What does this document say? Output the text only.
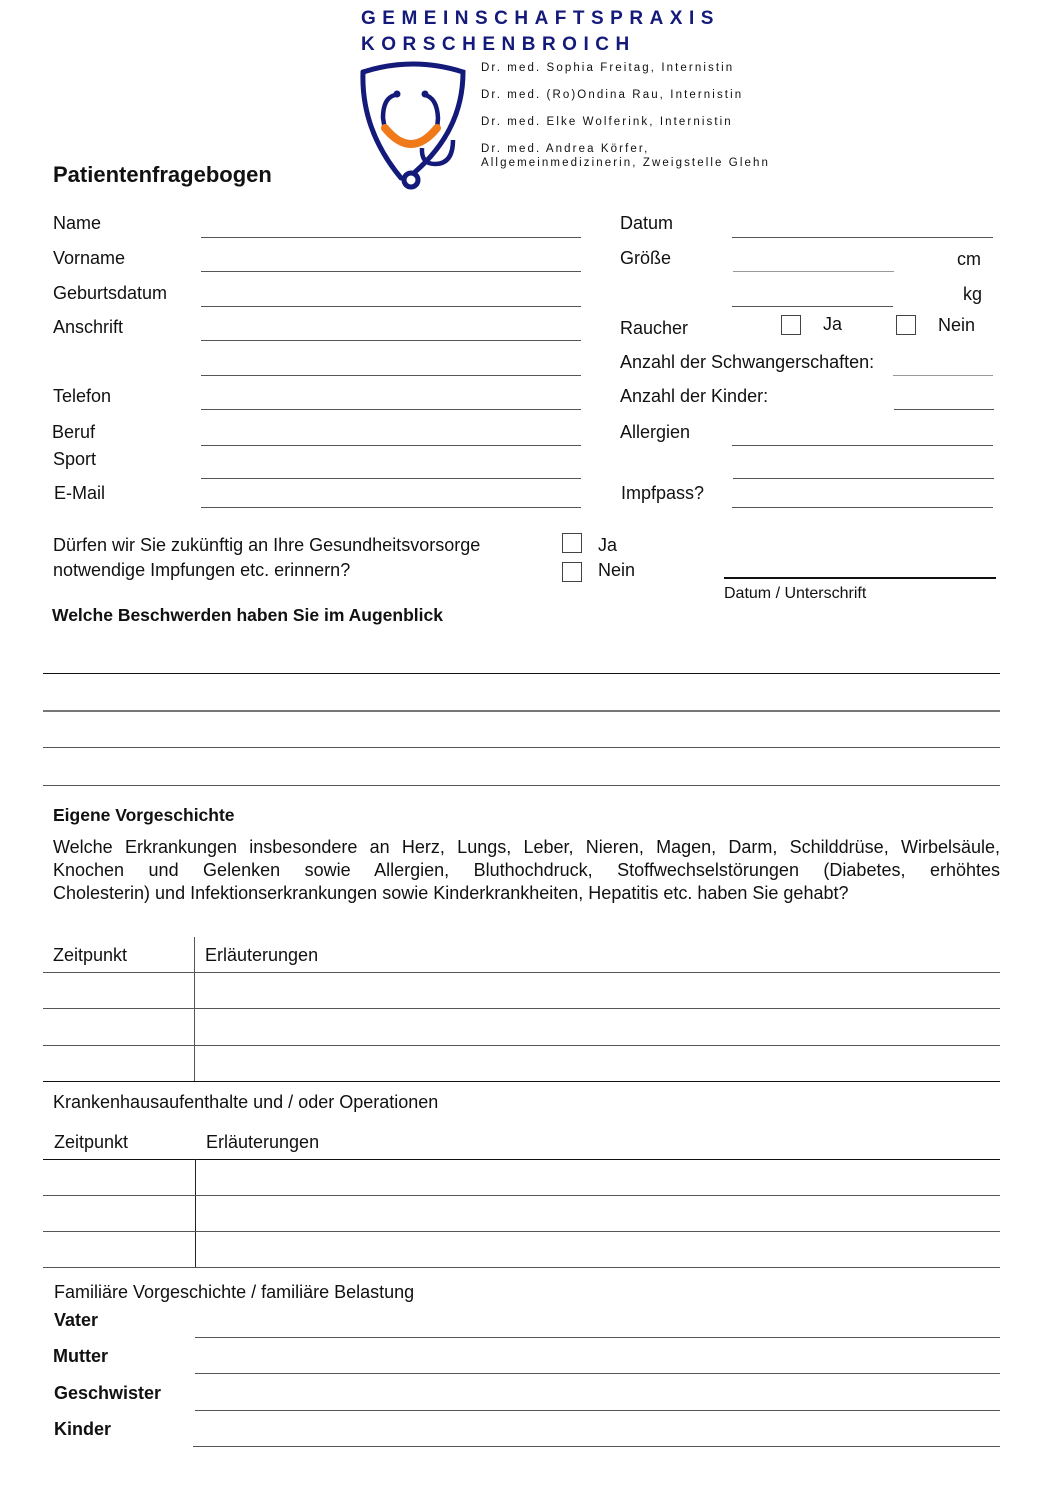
GEMEINSCHAFTSPRAXIS
KORSCHENBROICH
Dr. med. Sophia Freitag, Internistin
Dr. med. (Ro)Ondina Rau, Internistin
Dr. med. Elke Wolferink, Internistin
Dr. med. Andrea Körfer,
Allgemeinmedizinerin, Zweigstelle Glehn
Patientenfragebogen
Name
Vorname
Geburtsdatum
Anschrift
Telefon
Beruf
Sport
E-Mail
Datum
Größe	cm
kg
Raucher	Ja	Nein
Anzahl der Schwangerschaften:
Anzahl der Kinder:
Allergien
Impfpass?
Dürfen wir Sie zukünftig an Ihre Gesundheitsvorsorge
notwendige Impfungen etc. erinnern?
Ja
Nein
Datum / Unterschrift
Welche Beschwerden haben Sie im Augenblick
Eigene Vorgeschichte
Welche Erkrankungen insbesondere an Herz, Lungs, Leber, Nieren, Magen, Darm, Schilddrüse, Wirbelsäule,
Knochen und Gelenken sowie Allergien, Bluthochdruck, Stoffwechselstörungen (Diabetes, erhöhtes
Cholesterin) und Infektionserkrankungen sowie Kinderkrankheiten, Hepatitis etc. haben Sie gehabt?
Zeitpunkt	Erläuterungen
Krankenhausaufenthalte und / oder Operationen
Zeitpunkt	Erläuterungen
Familiäre Vorgeschichte / familiäre Belastung
Vater
Mutter
Geschwister
Kinder
